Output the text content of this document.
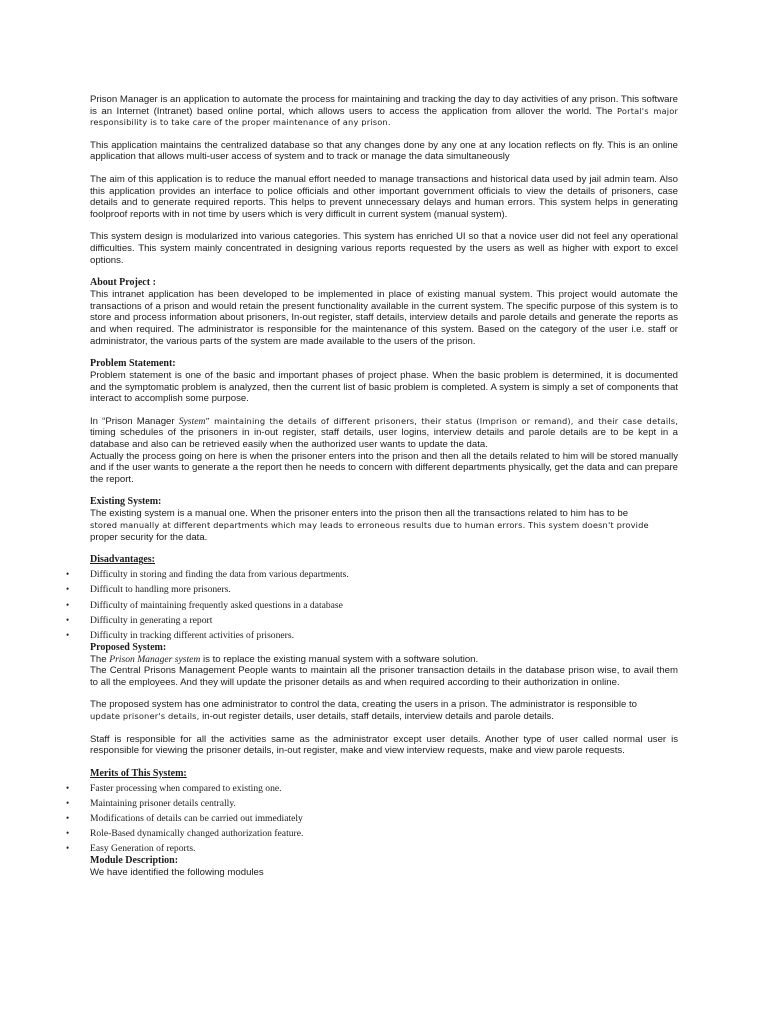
Prison Manager is an application to automate the process for maintaining and tracking the day to day activities of any prison. This software is an Internet (Intranet) based online portal, which allows users to access the application from allover the world. The Portal's major responsibility is to take care of the proper maintenance of any prison.

This application maintains the centralized database so that any changes done by any one at any location reflects on fly. This is an online application that allows multi-user access of system and to track or manage the data simultaneously

The aim of this application is to reduce the manual effort needed to manage transactions and historical data used by jail admin team. Also this application provides an interface to police officials and other important government officials to view the details of prisoners, case details and to generate required reports. This helps to prevent unnecessary delays and human errors. This system helps in generating foolproof reports with in not time by users which is very difficult in current system (manual system).

This system design is modularized into various categories. This system has enriched UI so that a novice user did not feel any operational difficulties. This system mainly concentrated in designing various reports requested by the users as well as higher with export to excel options.

About Project :
This intranet application has been developed to be implemented in place of existing manual system. This project would automate the transactions of a prison and would retain the present functionality available in the current system. The specific purpose of this system is to store and process information about prisoners, In-out register, staff details, interview details and parole details and generate the reports as and when required. The administrator is responsible for the maintenance of this system. Based on the category of the user i.e. staff or administrator, the various parts of the system are made available to the users of the prison.
Problem Statement:
Problem statement is one of the basic and important phases of project phase. When the basic problem is determined, it is documented and the symptomatic problem is analyzed, then the current list of basic problem is completed. A system is simply a set of components that interact to accomplish some purpose.
In “Prison Manager System” maintaining the details of different prisoners, their status (Imprison or remand), and their case details, timing schedules of the prisoners in in-out register, staff details, user logins, interview details and parole details are to be kept in a database and also can be retrieved easily when the authorized user wants to update the data.
Actually the process going on here is when the prisoner enters into the prison and then all the details related to him will be stored manually and if the user wants to generate a the report then he needs to concern with different departments physically, get the data and can prepare the report.
Existing System:
The existing system is a manual one. When the prisoner enters into the prison then all the transactions related to him has to be
stored manually at different departments which may leads to erroneous results due to human errors. This system doesn't provide
proper security for the data.
Disadvantages:
• Difficulty in storing and finding the data from various departments.
• Difficult to handling more prisoners.
• Difficulty of maintaining frequently asked questions in a database
• Difficulty in generating a report
• Difficulty in tracking different activities of prisoners.
Proposed System:
The Prison Manager system is to replace the existing manual system with a software solution.
The Central Prisons Management People wants to maintain all the prisoner transaction details in the database prison wise, to avail them to all the employees. And they will update the prisoner details as and when required according to their authorization in online.

The proposed system has one administrator to control the data, creating the users in a prison. The administrator is responsible to
update prisoner's details, in-out register details, user details, staff details, interview details and parole details.

Staff is responsible for all the activities same as the administrator except user details. Another type of user called normal user is responsible for viewing the prisoner details, in-out register, make and view interview requests, make and view parole requests.

Merits of This System:
• Faster processing when compared to existing one.
• Maintaining prisoner details centrally.
• Modifications of details can be carried out immediately
• Role-Based dynamically changed authorization feature.
• Easy Generation of reports.
Module Description:
We have identified the following modules
